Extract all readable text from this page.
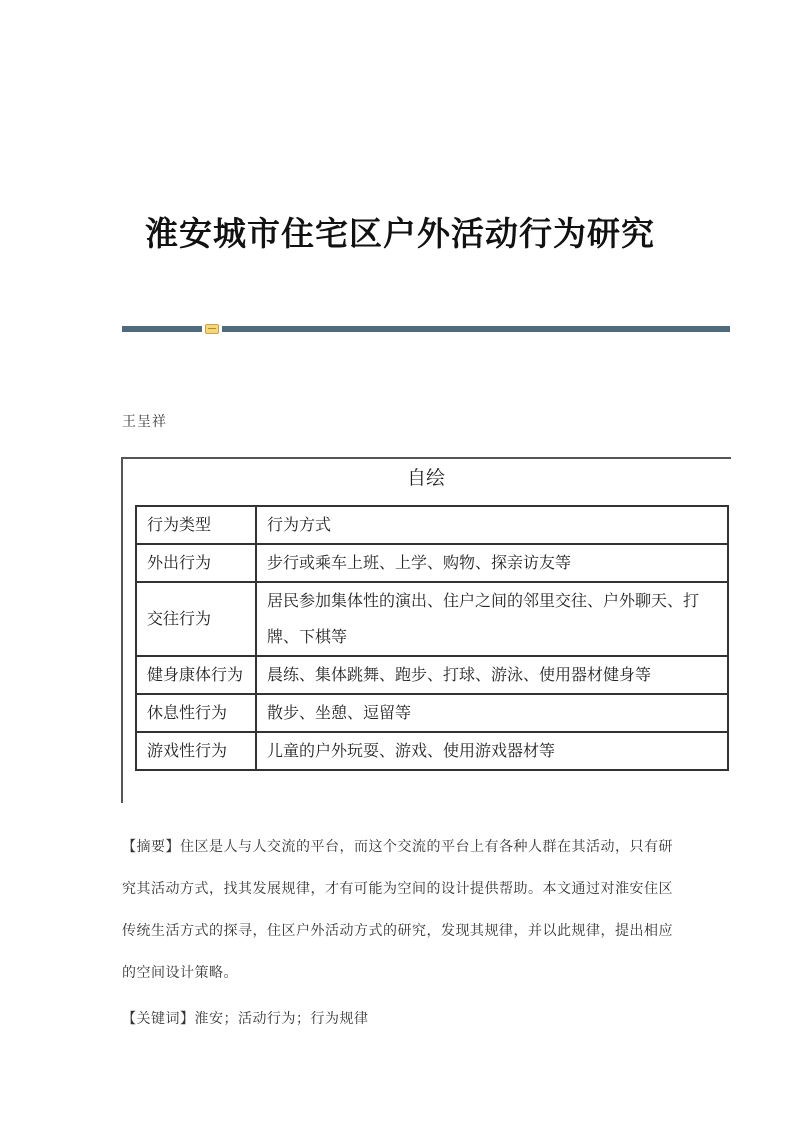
淮安城市住宅区户外活动行为研究
王呈祥
自绘
行为类型	行为方式
外出行为	步行或乘车上班、上学、购物、探亲访友等
交往行为	居民参加集体性的演出、住户之间的邻里交往、户外聊天、打牌、下棋等
健身康体行为	晨练、集体跳舞、跑步、打球、游泳、使用器材健身等
休息性行为	散步、坐憩、逗留等
游戏性行为	儿童的户外玩耍、游戏、使用游戏器材等
【摘要】住区是人与人交流的平台，而这个交流的平台上有各种人群在其活动，只有研究其活动方式，找其发展规律，才有可能为空间的设计提供帮助。本文通过对淮安住区传统生活方式的探寻，住区户外活动方式的研究，发现其规律，并以此规律，提出相应的空间设计策略。
【关键词】淮安；活动行为；行为规律
